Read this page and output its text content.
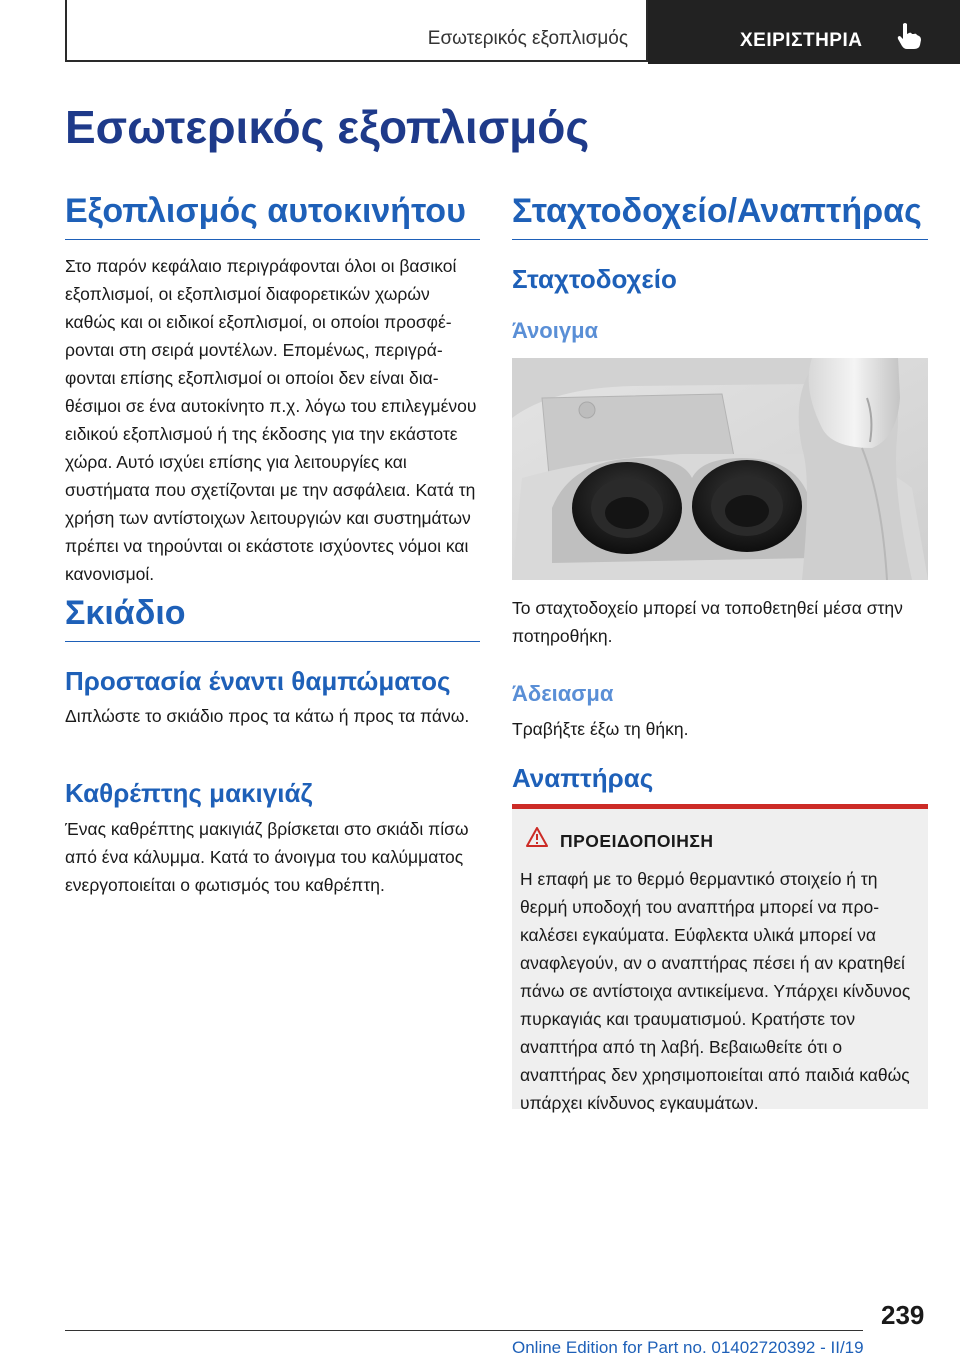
Εσωτερικός εξοπλισμός	ΧΕΙΡΙΣΤΗΡΙΑ
Εσωτερικός εξοπλισμός
Εξοπλισμός αυτοκινήτου

Στο παρόν κεφάλαιο περιγράφονται όλοι οι βασικοί εξοπλισμοί, οι εξοπλισμοί διαφορετικών χωρών καθώς και οι ειδικοί εξοπλισμοί, οι οποίοι προσφέρονται στη σειρά μοντέλων. Επομένως, περιγράφονται επίσης εξοπλισμοί οι οποίοι δεν είναι διαθέσιμοι σε ένα αυτοκίνητο π.χ. λόγω του επιλεγμένου ειδικού εξοπλισμού ή της έκδοσης για την εκάστοτε χώρα. Αυτό ισχύει επίσης για λειτουργίες και συστήματα που σχετίζονται με την ασφάλεια. Κατά τη χρήση των αντίστοιχων λειτουργιών και συστημάτων πρέπει να τηρούνται οι εκάστοτε ισχύοντες νόμοι και κανονισμοί.

Σκιάδιο
Προστασία έναντι θαμπώματος

Διπλώστε το σκιάδιο προς τα κάτω ή προς τα πάνω.

Καθρέπτης μακιγιάζ

Ένας καθρέπτης μακιγιάζ βρίσκεται στο σκιάδι πίσω από ένα κάλυμμα. Κατά το άνοιγμα του καλύμματος ενεργοποιείται ο φωτισμός του καθρέπτη.

Σταχτοδοχείο/Αναπτήρας
Σταχτοδοχείο
Άνοιγμα

Το σταχτοδοχείο μπορεί να τοποθετηθεί μέσα στην ποτηροθήκη.

Άδειασμα

Τραβήξτε έξω τη θήκη.

Αναπτήρας
ΠΡΟΕΙΔΟΠΟΙΗΣΗ

Η επαφή με το θερμό θερμαντικό στοιχείο ή τη θερμή υποδοχή του αναπτήρα μπορεί να προκαλέσει εγκαύματα. Εύφλεκτα υλικά μπορεί να αναφλεγούν, αν ο αναπτήρας πέσει ή αν κρατηθεί πάνω σε αντίστοιχα αντικείμενα. Υπάρχει κίνδυνος πυρκαγιάς και τραυματισμού. Κρατήστε τον αναπτήρα από τη λαβή. Βεβαιωθείτε ότι ο αναπτήρας δεν χρησιμοποιείται από παιδιά καθώς υπάρχει κίνδυνος εγκαυμάτων.

239
Online Edition for Part no. 01402720392 - II/19
